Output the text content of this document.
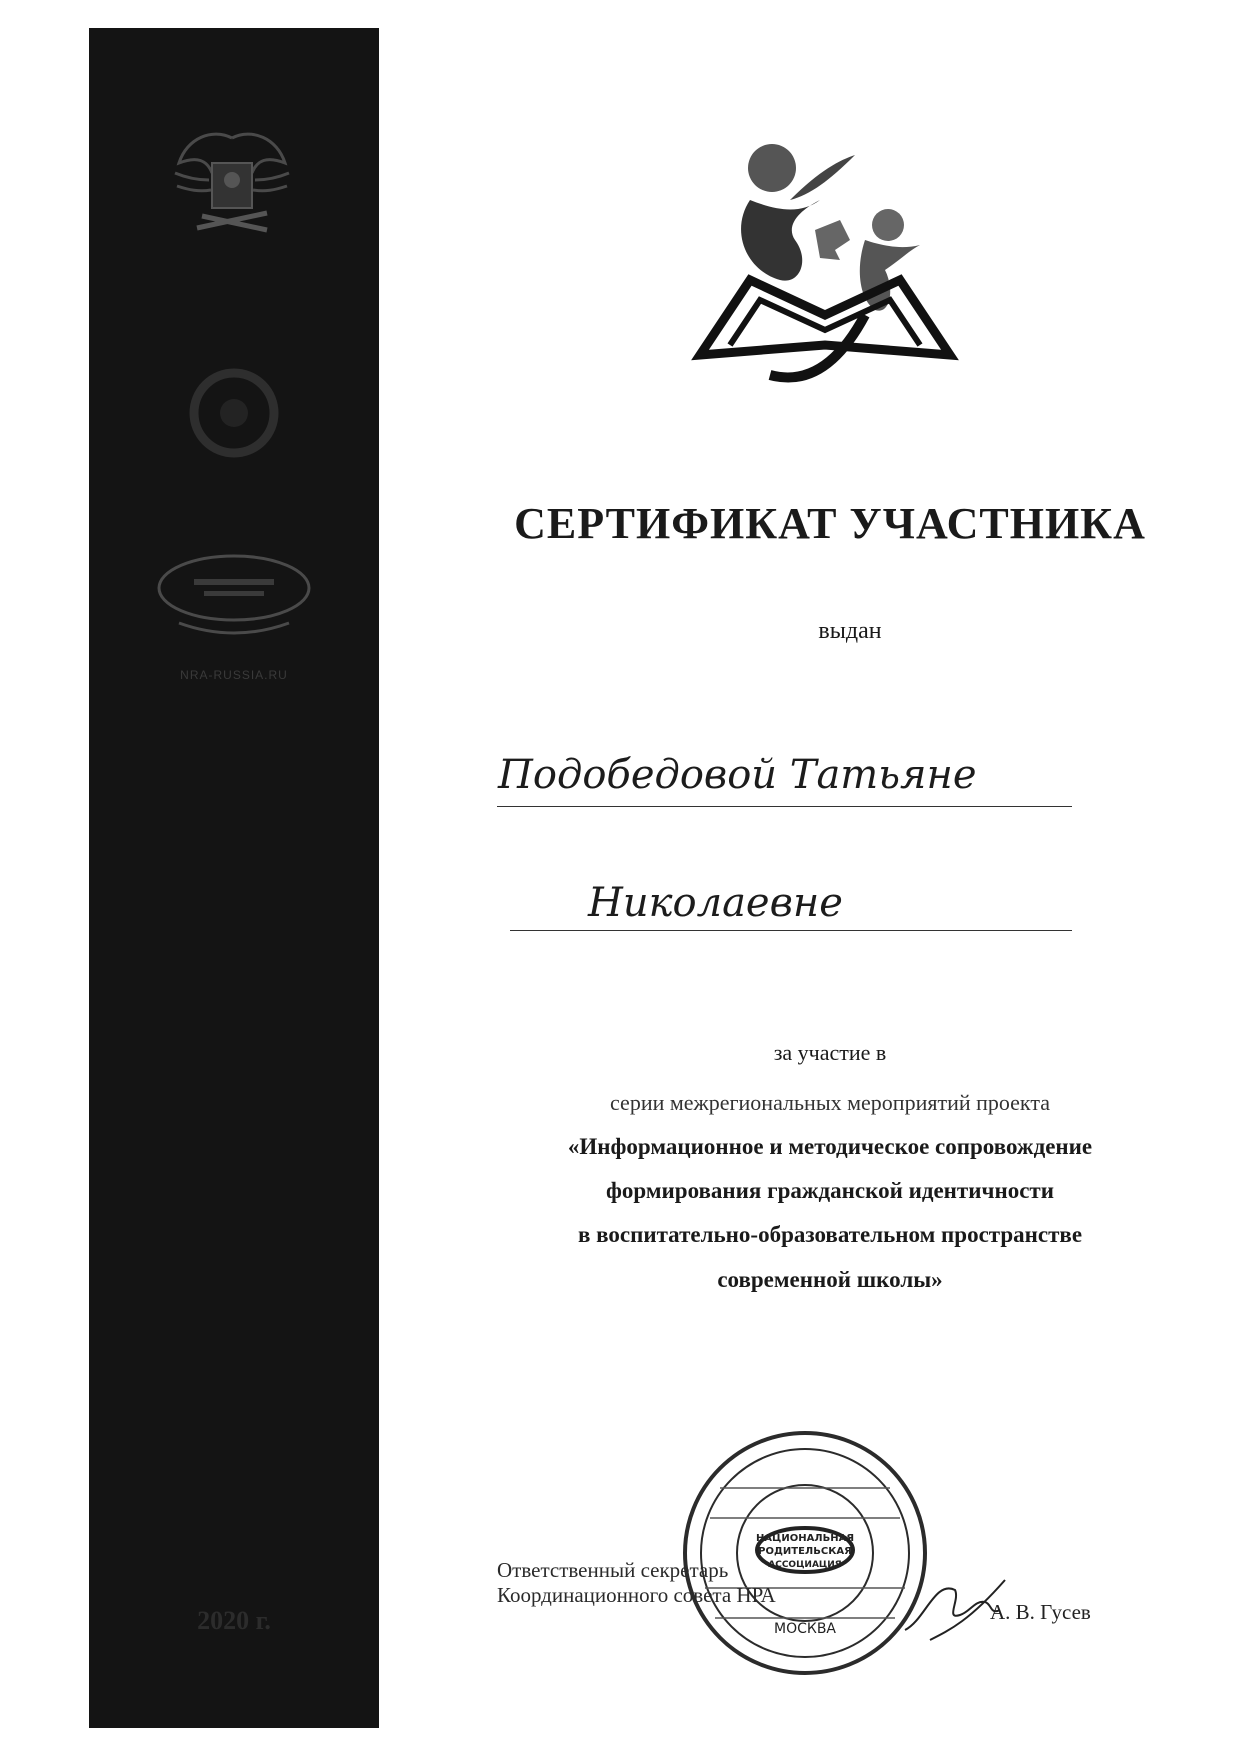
NRA-RUSSIA.RU
2020 г.
СЕРТИФИКАТ УЧАСТНИКА
выдан
Подобедовой Татьяне
Николаевне
за участие в
серии межрегиональных мероприятий проекта
«Информационное и методическое сопровождение
формирования гражданской идентичности
в воспитательно-образовательном пространстве
современной школы»
НАЦИОНАЛЬНАЯ
РОДИТЕЛЬСКАЯ
АССОЦИАЦИЯ
МОСКВА
Ответственный секретарь
Координационного совета НРА
А. В. Гусев
